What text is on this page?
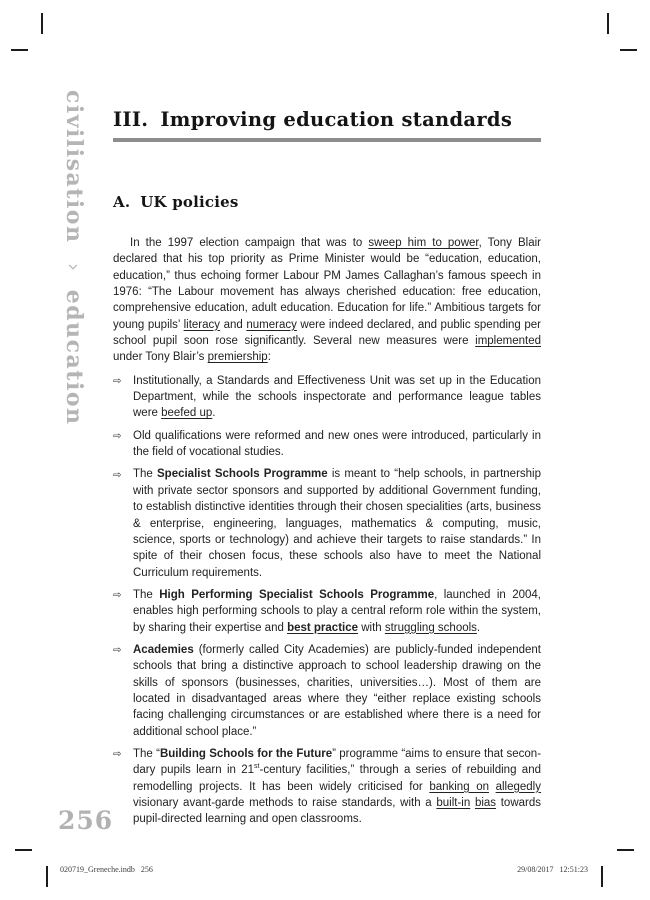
civilisation › education
III. Improving education standards
A. UK policies

In the 1997 election campaign that was to sweep him to power, Tony Blair declared that his top priority as Prime Minister would be “education, education, education,” thus echoing former Labour PM James Callaghan’s famous speech in 1976: “The Labour movement has always cherished education: free education, comprehensive education, adult education. Education for life.” Ambitious targets for young pupils’ literacy and numeracy were indeed declared, and public spending per school pupil soon rose significantly. Several new measures were implemented under Tony Blair’s premiership:

⇨ Institutionally, a Standards and Effectiveness Unit was set up in the Education Department, while the schools inspectorate and performance league tables were beefed up.
⇨ Old qualifications were reformed and new ones were introduced, particularly in the field of vocational studies.
⇨ The Specialist Schools Programme is meant to “help schools, in partnership with private sector sponsors and supported by additional Government funding, to establish distinctive identities through their chosen specialities (arts, business & enterprise, engineering, languages, mathematics & computing, music, science, sports or technology) and achieve their targets to raise standards.” In spite of their chosen focus, these schools also have to meet the National Curriculum requirements.
⇨ The High Performing Specialist Schools Programme, launched in 2004, enables high performing schools to play a central reform role within the system, by sharing their expertise and best practice with struggling schools.
⇨ Academies (formerly called City Academies) are publicly-funded independent schools that bring a distinctive approach to school leadership drawing on the skills of sponsors (businesses, charities, universities…). Most of them are located in disadvantaged areas where they “either replace existing schools facing challenging circumstances or are established where there is a need for additional school place.”
⇨ The “Building Schools for the Future” programme “aims to ensure that secondary pupils learn in 21st-century facilities,” through a series of rebuilding and remodelling projects. It has been widely criticised for banking on allegedly visionary avant-garde methods to raise standards, with a built-in bias towards pupil-directed learning and open classrooms.
256
020719_Greneche.indb   256	29/08/2017   12:51:23
